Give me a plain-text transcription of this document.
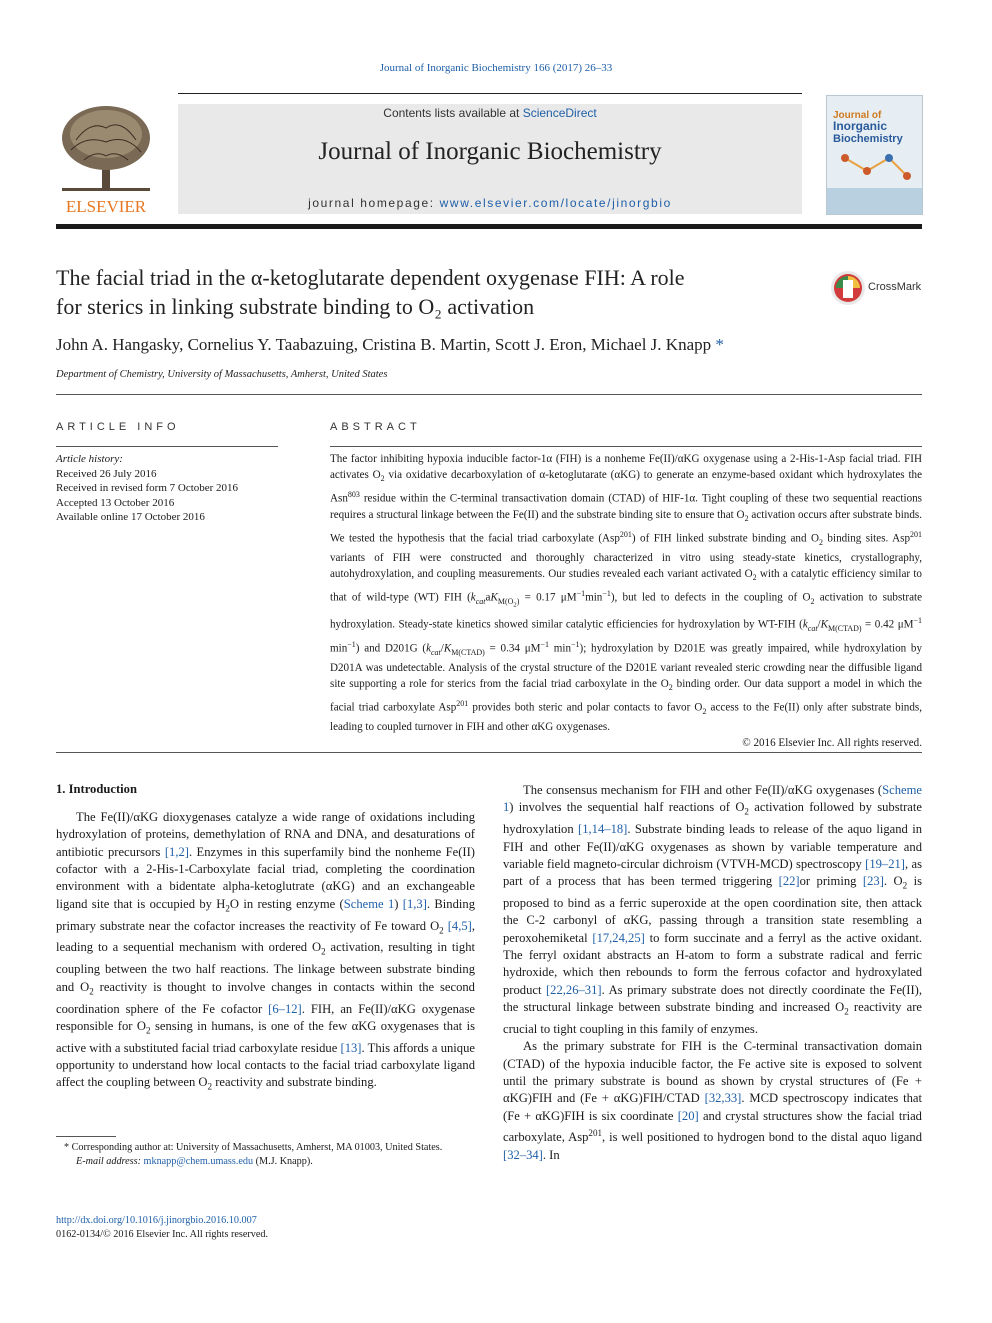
Journal of Inorganic Biochemistry 166 (2017) 26–33
ELSEVIER
Contents lists available at ScienceDirect
Journal of Inorganic Biochemistry
journal homepage: www.elsevier.com/locate/jinorgbio
Journal of
Inorganic
Biochemistry
The facial triad in the α-ketoglutarate dependent oxygenase FIH: A role
for sterics in linking substrate binding to O₂ activation
CrossMark
John A. Hangasky, Cornelius Y. Taabazuing, Cristina B. Martin, Scott J. Eron, Michael J. Knapp *
Department of Chemistry, University of Massachusetts, Amherst, United States
ARTICLE INFO
Article history:
Received 26 July 2016
Received in revised form 7 October 2016
Accepted 13 October 2016
Available online 17 October 2016
ABSTRACT
The factor inhibiting hypoxia inducible factor-1α (FIH) is a nonheme Fe(II)/αKG oxygenase using a 2-His-1-Asp facial triad. FIH activates $O_2$ via oxidative decarboxylation of α-ketoglutarate (αKG) to generate an enzyme-based oxidant which hydroxylates the Asn$^{803}$ residue within the C-terminal transactivation domain (CTAD) of HIF-1α. Tight coupling of these two sequential reactions requires a structural linkage between the Fe(II) and the substrate binding site to ensure that $O_2$ activation occurs after substrate binds. We tested the hypothesis that the facial triad carboxylate (Asp$^{201}$) of FIH linked substrate binding and $O_2$ binding sites. Asp$^{201}$ variants of FIH were constructed and thoroughly characterized in vitro using steady-state kinetics, crystallography, autohydroxylation, and coupling measurements. Our studies revealed each variant activated $O_2$ with a catalytic efficiency similar to that of wild-type (WT) FIH ($k_{cat}aK_{M(O_2)} = 0.17$ $\mu M^{-1}\min^{-1}$), but led to defects in the coupling of $O_2$ activation to substrate hydroxylation. Steady-state kinetics showed similar catalytic efficiencies for hydroxylation by WT-FIH ($k_{cat}/K_{M(CTAD)} = 0.42$ $\mu M^{-1}$ $\min^{-1}$) and D201G ($k_{cat}/K_{M(CTAD)} = 0.34$ $\mu M^{-1}$ $\min^{-1}$); hydroxylation by D201E was greatly impaired, while hydroxylation by D201A was undetectable. Analysis of the crystal structure of the D201E variant revealed steric crowding near the diffusible ligand site supporting a role for sterics from the facial triad carboxylate in the $O_2$ binding order. Our data support a model in which the facial triad carboxylate Asp$^{201}$ provides both steric and polar contacts to favor $O_2$ access to the Fe(II) only after substrate binds, leading to coupled turnover in FIH and other αKG oxygenases.
© 2016 Elsevier Inc. All rights reserved.
1. Introduction

The Fe(II)/αKG dioxygenases catalyze a wide range of oxidations including hydroxylation of proteins, demethylation of RNA and DNA, and desaturations of antibiotic precursors [1,2]. Enzymes in this superfamily bind the nonheme Fe(II) cofactor with a 2-His-1-Carboxylate facial triad, completing the coordination environment with a bidentate alpha-ketoglutrate (αKG) and an exchangeable ligand site that is occupied by $H_2O$ in resting enzyme (Scheme 1) [1,3]. Binding primary substrate near the cofactor increases the reactivity of Fe toward $O_2$ [4,5], leading to a sequential mechanism with ordered $O_2$ activation, resulting in tight coupling between the two half reactions. The linkage between substrate binding and $O_2$ reactivity is thought to involve changes in contacts within the second coordination sphere of the Fe cofactor [6–12]. FIH, an Fe(II)/αKG oxygenase responsible for $O_2$ sensing in humans, is one of the few αKG oxygenases that is active with a substituted facial triad carboxylate residue [13]. This affords a unique opportunity to understand how local contacts to the facial triad carboxylate ligand affect the coupling between $O_2$ reactivity and substrate binding.

* Corresponding author at: University of Massachusetts, Amherst, MA 01003, United States.
E-mail address: mknapp@chem.umass.edu (M.J. Knapp).
http://dx.doi.org/10.1016/j.jinorgbio.2016.10.007
0162-0134/© 2016 Elsevier Inc. All rights reserved.

The consensus mechanism for FIH and other Fe(II)/αKG oxygenases (Scheme 1) involves the sequential half reactions of $O_2$ activation followed by substrate hydroxylation [1,14–18]. Substrate binding leads to release of the aquo ligand in FIH and other Fe(II)/αKG oxygenases as shown by variable temperature and variable field magneto-circular dichroism (VTVH-MCD) spectroscopy [19–21], as part of a process that has been termed triggering [22]or priming [23]. $O_2$ is proposed to bind as a ferric superoxide at the open coordination site, then attack the C-2 carbonyl of αKG, passing through a transition state resembling a peroxohemiketal [17,24,25] to form succinate and a ferryl as the active oxidant. The ferryl oxidant abstracts an H-atom to form a substrate radical and ferric hydroxide, which then rebounds to form the ferrous cofactor and hydroxylated product [22,26–31]. As primary substrate does not directly coordinate the Fe(II), the structural linkage between substrate binding and increased $O_2$ reactivity are crucial to tight coupling in this family of enzymes.

As the primary substrate for FIH is the C-terminal transactivation domain (CTAD) of the hypoxia inducible factor, the Fe active site is exposed to solvent until the primary substrate is bound as shown by crystal structures of (Fe + αKG)FIH and (Fe + αKG)FIH/CTAD [32,33]. MCD spectroscopy indicates that (Fe + αKG)FIH is six coordinate [20] and crystal structures show the facial triad carboxylate, Asp$^{201}$, is well positioned to hydrogen bond to the distal aquo ligand [32–34]. In
